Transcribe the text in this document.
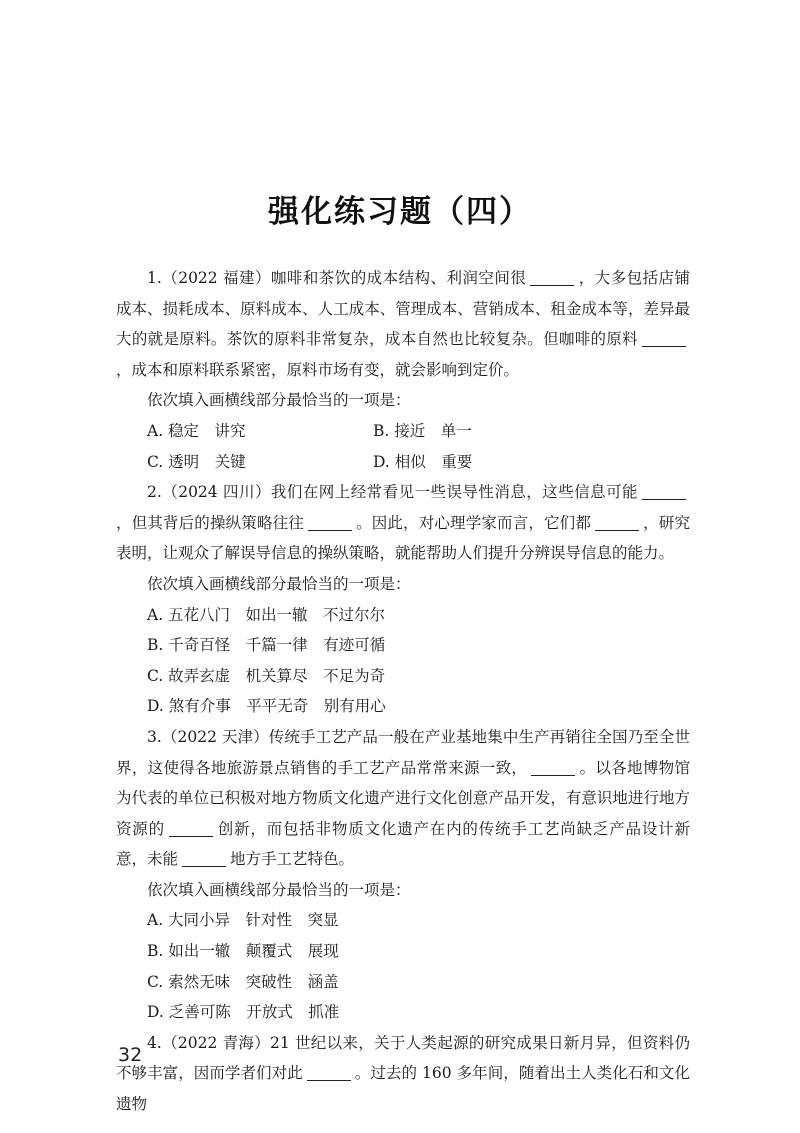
强化练习题（四）

1.（2022 福建）咖啡和茶饮的成本结构、利润空间很	，大多包括店铺成本、损耗成本、原料成本、人工成本、管理成本、营销成本、租金成本等，差异最大的就是原料。茶饮的原料非常复杂，成本自然也比较复杂。但咖啡的原料，成本和原料联系紧密，原料市场有变，就会影响到定价。

依次填入画横线部分最恰当的一项是：

A. 稳定　讲究	B. 接近　单一
C. 透明　关键	D. 相似　重要

2.（2024 四川）我们在网上经常看见一些误导性消息，这些信息可能，但其背后的操纵策略往往	。因此，对心理学家而言，它们都	，研究表明，让观众了解误导信息的操纵策略，就能帮助人们提升分辨误导信息的能力。

依次填入画横线部分最恰当的一项是：

A. 五花八门　如出一辙　不过尔尔

B. 千奇百怪　千篇一律　有迹可循

C. 故弄玄虚　机关算尽　不足为奇

D. 煞有介事　平平无奇　别有用心

3.（2022 天津）传统手工艺产品一般在产业基地集中生产再销往全国乃至全世界，这使得各地旅游景点销售的手工艺产品常常来源一致，	。以各地博物馆为代表的单位已积极对地方物质文化遗产进行文化创意产品开发，有意识地进行地方资源的	创新，而包括非物质文化遗产在内的传统手工艺尚缺乏产品设计新意，未能	地方手工艺特色。

依次填入画横线部分最恰当的一项是：

A. 大同小异　针对性　突显

B. 如出一辙　颠覆式　展现

C. 索然无味　突破性　涵盖

D. 乏善可陈　开放式　抓准

4.（2022 青海）21 世纪以来，关于人类起源的研究成果日新月异，但资料仍不够丰富，因而学者们对此	。过去的 160 多年间，随着出土人类化石和文化遗物

32
